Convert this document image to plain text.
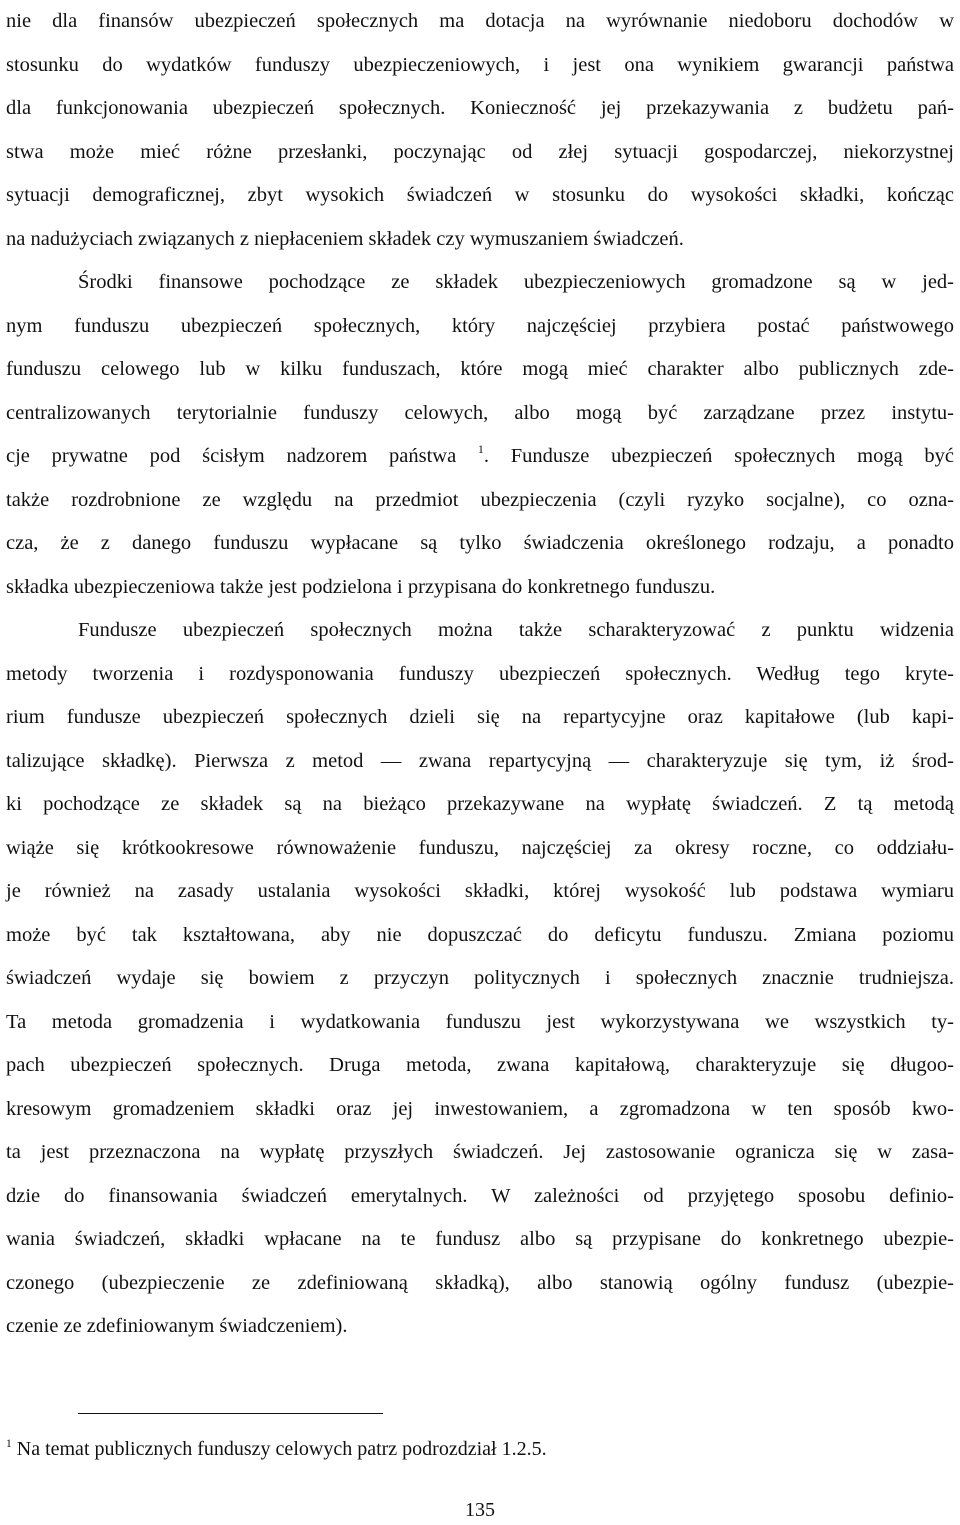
nie dla finansów ubezpieczeń społecznych ma dotacja na wyrównanie niedoboru dochodów w
stosunku do wydatków funduszy ubezpieczeniowych, i jest ona wynikiem gwarancji państwa
dla funkcjonowania ubezpieczeń społecznych. Konieczność jej przekazywania z budżetu pań-
stwa może mieć różne przesłanki, poczynając od złej sytuacji gospodarczej, niekorzystnej
sytuacji demograficznej, zbyt wysokich świadczeń w stosunku do wysokości składki, kończąc
na nadużyciach związanych z niepłaceniem składek czy wymuszaniem świadczeń.
Środki finansowe pochodzące ze składek ubezpieczeniowych gromadzone są w jed-
nym funduszu ubezpieczeń społecznych, który najczęściej przybiera postać państwowego
funduszu celowego lub w kilku funduszach, które mogą mieć charakter albo publicznych zde-
centralizowanych terytorialnie funduszy celowych, albo mogą być zarządzane przez instytu-
cje prywatne pod ścisłym nadzorem państwa $^1$. Fundusze ubezpieczeń społecznych mogą być
także rozdrobnione ze względu na przedmiot ubezpieczenia (czyli ryzyko socjalne), co ozna-
cza, że z danego funduszu wypłacane są tylko świadczenia określonego rodzaju, a ponadto
składka ubezpieczeniowa także jest podzielona i przypisana do konkretnego funduszu.
Fundusze ubezpieczeń społecznych można także scharakteryzować z punktu widzenia
metody tworzenia i rozdysponowania funduszy ubezpieczeń społecznych. Według tego kryte-
rium fundusze ubezpieczeń społecznych dzieli się na repartycyjne oraz kapitałowe (lub kapi-
talizujące składkę). Pierwsza z metod — zwana repartycyjną — charakteryzuje się tym, iż środ-
ki pochodzące ze składek są na bieżąco przekazywane na wypłatę świadczeń. Z tą metodą
wiąże się krótkookresowe równoważenie funduszu, najczęściej za okresy roczne, co oddziału-
je również na zasady ustalania wysokości składki, której wysokość lub podstawa wymiaru
może być tak kształtowana, aby nie dopuszczać do deficytu funduszu. Zmiana poziomu
świadczeń wydaje się bowiem z przyczyn politycznych i społecznych znacznie trudniejsza.
Ta metoda gromadzenia i wydatkowania funduszu jest wykorzystywana we wszystkich ty-
pach ubezpieczeń społecznych. Druga metoda, zwana kapitałową, charakteryzuje się długoo-
kresowym gromadzeniem składki oraz jej inwestowaniem, a zgromadzona w ten sposób kwo-
ta jest przeznaczona na wypłatę przyszłych świadczeń. Jej zastosowanie ogranicza się w zasa-
dzie do finansowania świadczeń emerytalnych. W zależności od przyjętego sposobu definio-
wania świadczeń, składki wpłacane na te fundusz albo są przypisane do konkretnego ubezpie-
czonego (ubezpieczenie ze zdefiniowaną składką), albo stanowią ogólny fundusz (ubezpie-
czenie ze zdefiniowanym świadczeniem).
$^1$ Na temat publicznych funduszy celowych patrz podrozdział 1.2.5.
135
